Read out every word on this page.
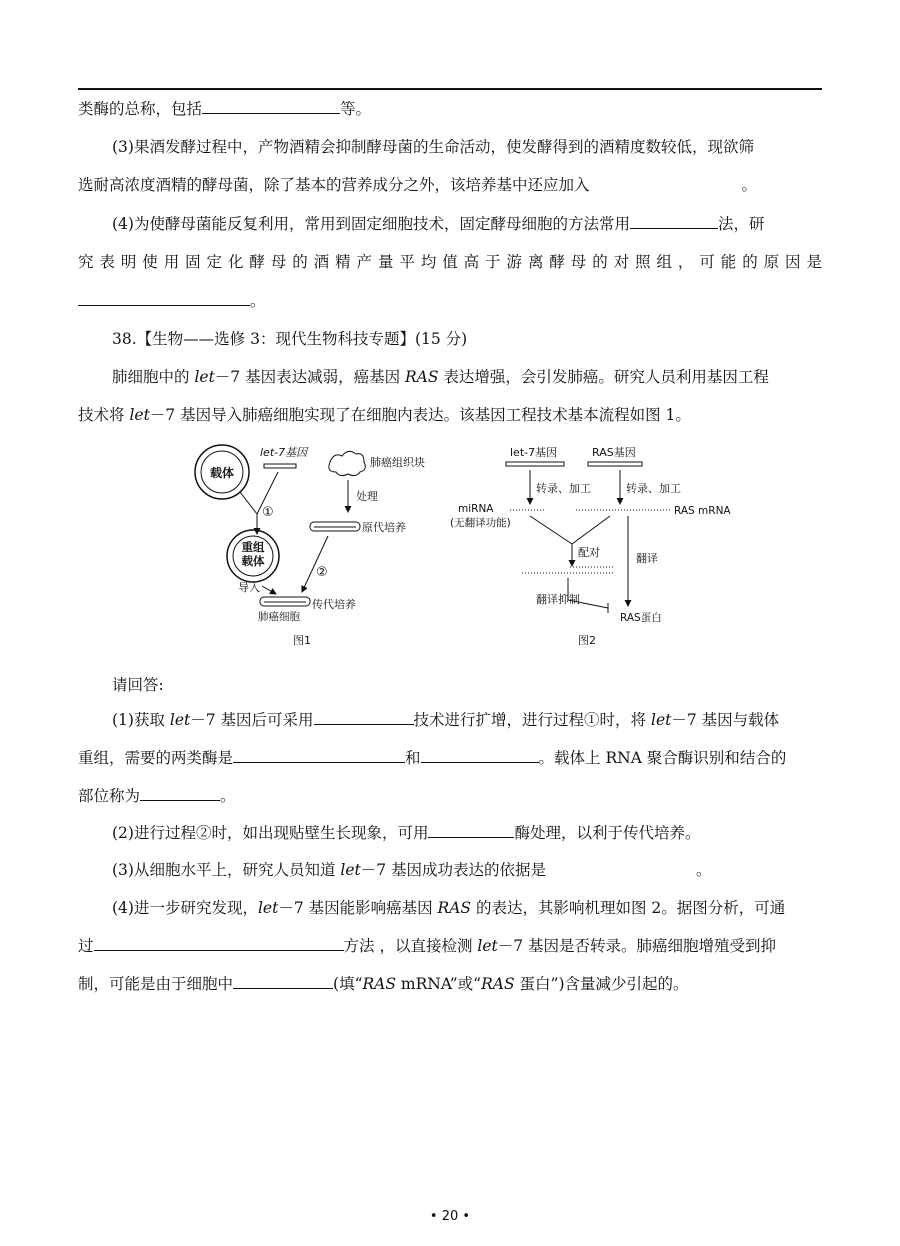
类酶的总称，包括	等。
(3)果酒发酵过程中，产物酒精会抑制酵母菌的生命活动，使发酵得到的酒精度数较低，现欲筛
选耐高浓度酒精的酵母菌，除了基本的营养成分之外，该培养基中还应加入	。
(4)为使酵母菌能反复利用，常用到固定细胞技术，固定酵母细胞的方法常用	法，研
究表明使用固定化酵母的酒精产量平均值高于游离酵母的对照组，可能的原因是
。
38.【生物——选修 3：现代生物科技专题】(15 分)
肺细胞中的 let－7 基因表达减弱，癌基因 RAS 表达增强，会引发肺癌。研究人员利用基因工程
技术将 let－7 基因导入肺癌细胞实现了在细胞内表达。该基因工程技术基本流程如图 1。
载体
let-7基因
肺癌组织块
①
处理
重组
载体
原代培养
②
导入
传代培养
肺癌细胞
图1
let-7基因	RAS基因
转录、加工	转录、加工
miRNA
(无翻译功能)
RAS mRNA
配对	翻译
翻译抑制
RAS蛋白
图2
请回答:
(1)获取 let－7 基因后可采用	技术进行扩增，进行过程①时，将 let－7 基因与载体
重组，需要的两类酶是	和	。载体上 RNA 聚合酶识别和结合的
部位称为	。
(2)进行过程②时，如出现贴壁生长现象，可用	酶处理，以利于传代培养。
(3)从细胞水平上，研究人员知道 let－7 基因成功表达的依据是	。
(4)进一步研究发现，let－7 基因能影响癌基因 RAS 的表达，其影响机理如图 2。据图分析，可通
过	方法 ，以直接检测 let－7 基因是否转录。肺癌细胞增殖受到抑
制，可能是由于细胞中	(填“RAS mRNA”或“RAS 蛋白”)含量减少引起的。
• 20 •
